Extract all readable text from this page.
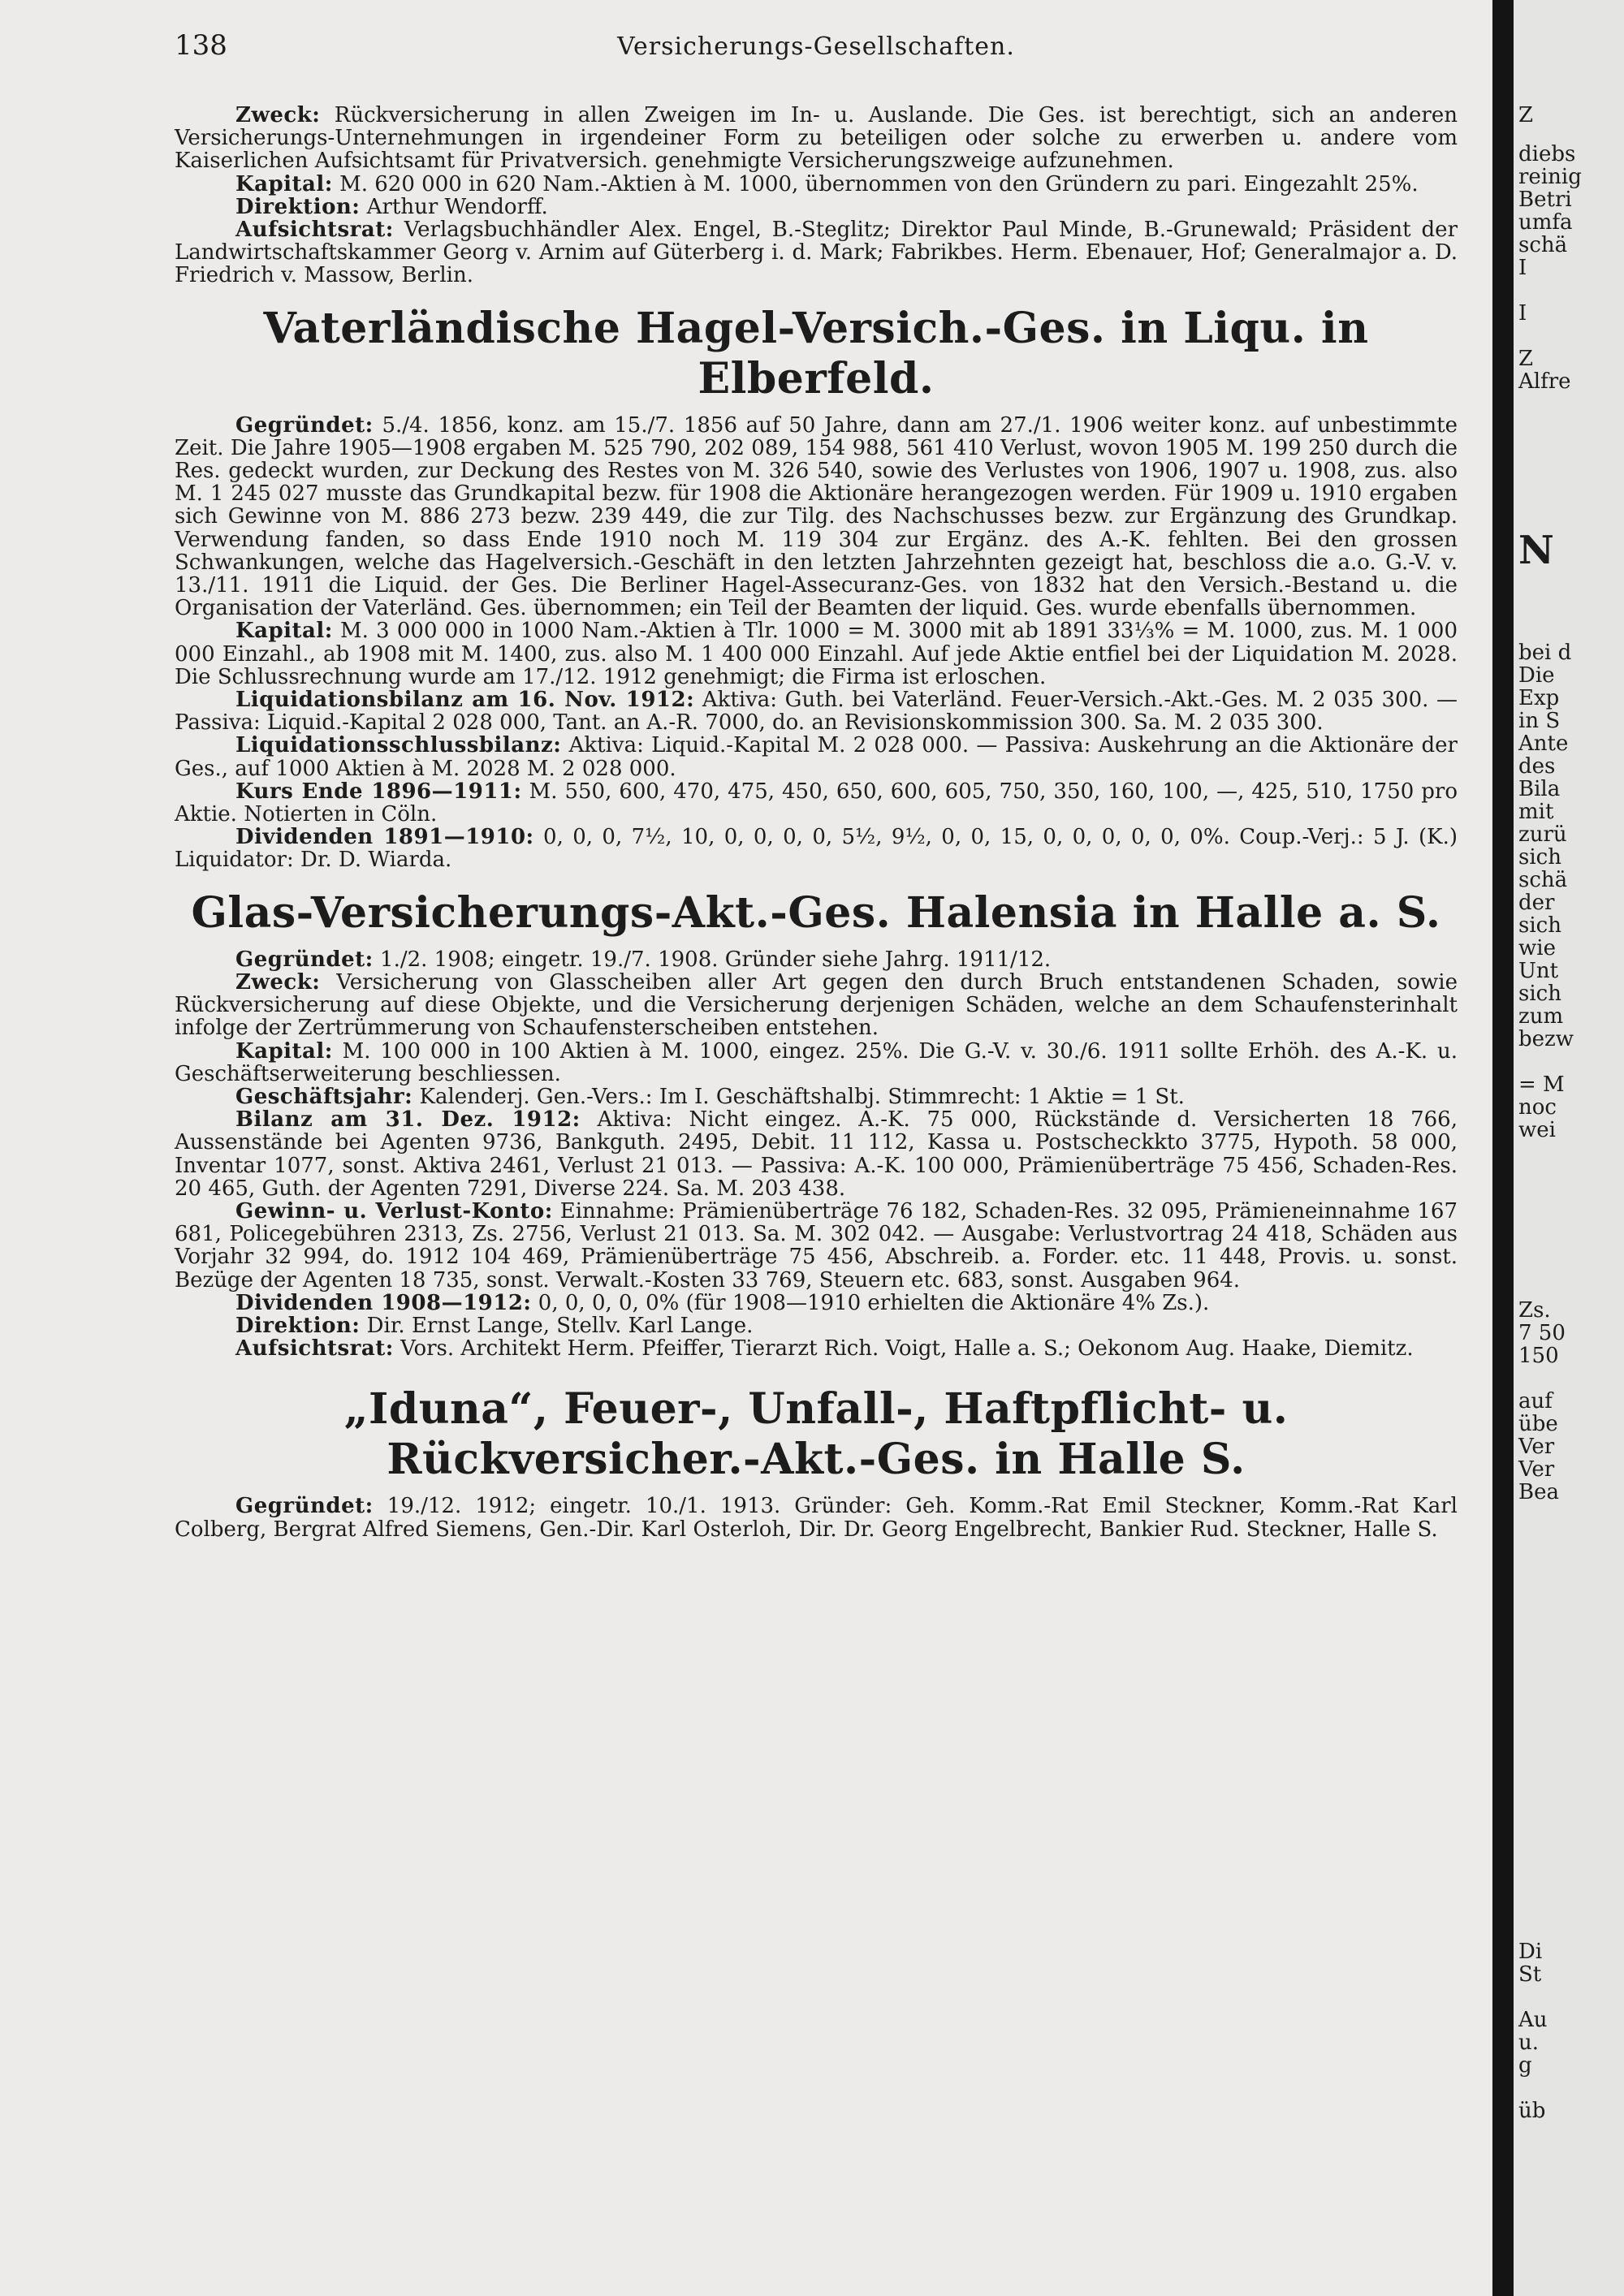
138	Versicherungs-Gesellschaften.

Zweck: Rückversicherung in allen Zweigen im In- u. Auslande. Die Ges. ist berechtigt, sich an anderen Versicherungs-Unternehmungen in irgendeiner Form zu beteiligen oder solche zu erwerben u. andere vom Kaiserlichen Aufsichtsamt für Privatversich. genehmigte Versicherungszweige aufzunehmen.

Kapital: M. 620 000 in 620 Nam.-Aktien à M. 1000, übernommen von den Gründern zu pari. Eingezahlt 25%.

Direktion: Arthur Wendorff.

Aufsichtsrat: Verlagsbuchhändler Alex. Engel, B.-Steglitz; Direktor Paul Minde, B.-Grunewald; Präsident der Landwirtschaftskammer Georg v. Arnim auf Güterberg i. d. Mark; Fabrikbes. Herm. Ebenauer, Hof; Generalmajor a. D. Friedrich v. Massow, Berlin.

Vaterländische Hagel-Versich.-Ges. in Liqu. in Elberfeld.

Gegründet: 5./4. 1856, konz. am 15./7. 1856 auf 50 Jahre, dann am 27./1. 1906 weiter konz. auf unbestimmte Zeit. Die Jahre 1905—1908 ergaben M. 525 790, 202 089, 154 988, 561 410 Verlust, wovon 1905 M. 199 250 durch die Res. gedeckt wurden, zur Deckung des Restes von M. 326 540, sowie des Verlustes von 1906, 1907 u. 1908, zus. also M. 1 245 027 musste das Grundkapital bezw. für 1908 die Aktionäre herangezogen werden. Für 1909 u. 1910 ergaben sich Gewinne von M. 886 273 bezw. 239 449, die zur Tilg. des Nachschusses bezw. zur Ergänzung des Grundkap. Verwendung fanden, so dass Ende 1910 noch M. 119 304 zur Ergänz. des A.-K. fehlten. Bei den grossen Schwankungen, welche das Hagelversich.-Geschäft in den letzten Jahrzehnten gezeigt hat, beschloss die a.o. G.-V. v. 13./11. 1911 die Liquid. der Ges. Die Berliner Hagel-Assecuranz-Ges. von 1832 hat den Versich.-Bestand u. die Organisation der Vaterländ. Ges. übernommen; ein Teil der Beamten der liquid. Ges. wurde ebenfalls übernommen.

Kapital: M. 3 000 000 in 1000 Nam.-Aktien à Tlr. 1000 = M. 3000 mit ab 1891 33⅓% = M. 1000, zus. M. 1 000 000 Einzahl., ab 1908 mit M. 1400, zus. also M. 1 400 000 Einzahl. Auf jede Aktie entfiel bei der Liquidation M. 2028. Die Schlussrechnung wurde am 17./12. 1912 genehmigt; die Firma ist erloschen.

Liquidationsbilanz am 16. Nov. 1912: Aktiva: Guth. bei Vaterländ. Feuer-Versich.-Akt.-Ges. M. 2 035 300. — Passiva: Liquid.-Kapital 2 028 000, Tant. an A.-R. 7000, do. an Revisionskommission 300. Sa. M. 2 035 300.

Liquidationsschlussbilanz: Aktiva: Liquid.-Kapital M. 2 028 000. — Passiva: Auskehrung an die Aktionäre der Ges., auf 1000 Aktien à M. 2028 M. 2 028 000.

Kurs Ende 1896—1911: M. 550, 600, 470, 475, 450, 650, 600, 605, 750, 350, 160, 100, —, 425, 510, 1750 pro Aktie. Notierten in Cöln.

Dividenden 1891—1910: 0, 0, 0, 7½, 10, 0, 0, 0, 0, 5½, 9½, 0, 0, 15, 0, 0, 0, 0, 0, 0%. Coup.-Verj.: 5 J. (K.) Liquidator: Dr. D. Wiarda.

Glas-Versicherungs-Akt.-Ges. Halensia in Halle a. S.

Gegründet: 1./2. 1908; eingetr. 19./7. 1908. Gründer siehe Jahrg. 1911/12.

Zweck: Versicherung von Glasscheiben aller Art gegen den durch Bruch entstandenen Schaden, sowie Rückversicherung auf diese Objekte, und die Versicherung derjenigen Schäden, welche an dem Schaufensterinhalt infolge der Zertrümmerung von Schaufensterscheiben entstehen.

Kapital: M. 100 000 in 100 Aktien à M. 1000, eingez. 25%. Die G.-V. v. 30./6. 1911 sollte Erhöh. des A.-K. u. Geschäftserweiterung beschliessen.

Geschäftsjahr: Kalenderj. Gen.-Vers.: Im I. Geschäftshalbj. Stimmrecht: 1 Aktie = 1 St.

Bilanz am 31. Dez. 1912: Aktiva: Nicht eingez. A.-K. 75 000, Rückstände d. Versicherten 18 766, Aussenstände bei Agenten 9736, Bankguth. 2495, Debit. 11 112, Kassa u. Postscheckkto 3775, Hypoth. 58 000, Inventar 1077, sonst. Aktiva 2461, Verlust 21 013. — Passiva: A.-K. 100 000, Prämienüberträge 75 456, Schaden-Res. 20 465, Guth. der Agenten 7291, Diverse 224. Sa. M. 203 438.

Gewinn- u. Verlust-Konto: Einnahme: Prämienüberträge 76 182, Schaden-Res. 32 095, Prämieneinnahme 167 681, Policegebühren 2313, Zs. 2756, Verlust 21 013. Sa. M. 302 042. — Ausgabe: Verlustvortrag 24 418, Schäden aus Vorjahr 32 994, do. 1912 104 469, Prämienüberträge 75 456, Abschreib. a. Forder. etc. 11 448, Provis. u. sonst. Bezüge der Agenten 18 735, sonst. Verwalt.-Kosten 33 769, Steuern etc. 683, sonst. Ausgaben 964.

Dividenden 1908—1912: 0, 0, 0, 0, 0% (für 1908—1910 erhielten die Aktionäre 4% Zs.).

Direktion: Dir. Ernst Lange, Stellv. Karl Lange.

Aufsichtsrat: Vors. Architekt Herm. Pfeiffer, Tierarzt Rich. Voigt, Halle a. S.; Oekonom Aug. Haake, Diemitz.

„Iduna“, Feuer-, Unfall-, Haftpflicht- u. Rückversicher.-Akt.-Ges. in Halle S.

Gegründet: 19./12. 1912; eingetr. 10./1. 1913. Gründer: Geh. Komm.-Rat Emil Steckner, Komm.-Rat Karl Colberg, Bergrat Alfred Siemens, Gen.-Dir. Karl Osterloh, Dir. Dr. Georg Engelbrecht, Bankier Rud. Steckner, Halle S.

Z
diebs
reinig
Betri
umfa
schä
I
I
Z
Alfre
N
bei d
Die
Exp
in S
Ante
des
Bila
mit
zurü
sich
schä
der
sich
wie
Unt
sich
zum
bezw
= M
noc
wei
Zs.
7 50
150
auf
übe
Ver
Ver
Bea
Di
St
Au
u.
g
üb
